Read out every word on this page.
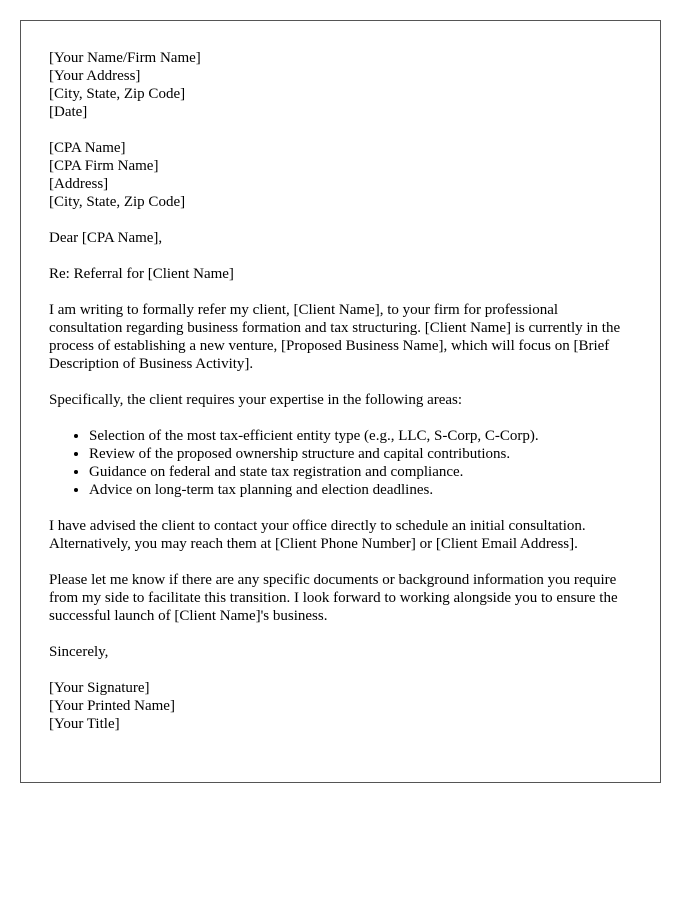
[Your Name/Firm Name]
[Your Address]
[City, State, Zip Code]
[Date]

[CPA Name]
[CPA Firm Name]
[Address]
[City, State, Zip Code]

Dear [CPA Name],

Re: Referral for [Client Name]

I am writing to formally refer my client, [Client Name], to your firm for professional consultation regarding business formation and tax structuring. [Client Name] is currently in the process of establishing a new venture, [Proposed Business Name], which will focus on [Brief Description of Business Activity].

Specifically, the client requires your expertise in the following areas:

• Selection of the most tax-efficient entity type (e.g., LLC, S-Corp, C-Corp).
• Review of the proposed ownership structure and capital contributions.
• Guidance on federal and state tax registration and compliance.
• Advice on long-term tax planning and election deadlines.

I have advised the client to contact your office directly to schedule an initial consultation. Alternatively, you may reach them at [Client Phone Number] or [Client Email Address].

Please let me know if there are any specific documents or background information you require from my side to facilitate this transition. I look forward to working alongside you to ensure the successful launch of [Client Name]'s business.

Sincerely,

[Your Signature]
[Your Printed Name]
[Your Title]
